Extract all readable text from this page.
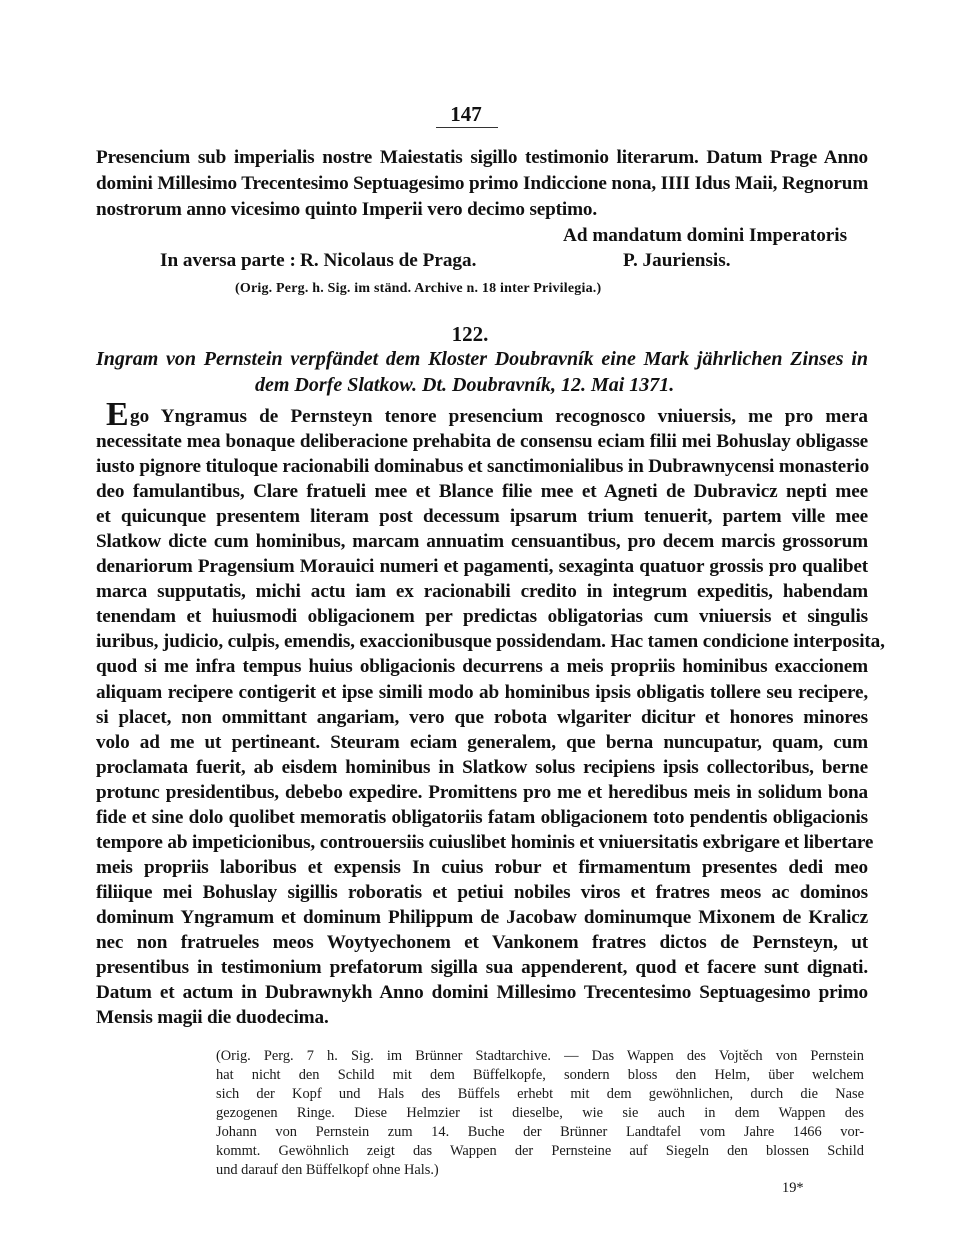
147
Presencium sub imperialis nostre Maiestatis sigillo testimonio literarum. Datum Prage Anno
domini Millesimo Trecentesimo Septuagesimo primo Indiccione nona, IIII Idus Maii, Regnorum
nostrorum anno vicesimo quinto Imperii vero decimo septimo.
Ad mandatum domini Imperatoris
In aversa parte : R. Nicolaus de Praga.	P. Jauriensis.
(Orig. Perg. h. Sig. im ständ. Archive n. 18 inter Privilegia.)
122.
Ingram von Pernstein verpfändet dem Kloster Doubravník eine Mark jährlichen Zinses in
dem Dorfe Slatkow. Dt. Doubravník, 12. Mai 1371.
E go Yngramus de Pernsteyn tenore presencium recognosco vniuersis, me pro mera
necessitate mea bonaque deliberacione prehabita de consensu eciam filii mei Bohuslay obligasse
iusto pignore tituloque racionabili dominabus et sanctimonialibus in Dubrawnycensi monasterio
deo famulantibus, Clare fratueli mee et Blance filie mee et Agneti de Dubravicz nepti mee
et quicunque presentem literam post decessum ipsarum trium tenuerit, partem ville mee
Slatkow dicte cum hominibus, marcam annuatim censuantibus, pro decem marcis grossorum
denariorum Pragensium Morauici numeri et pagamenti, sexaginta quatuor grossis pro qualibet
marca supputatis, michi actu iam ex racionabili credito in integrum expeditis, habendam
tenendam et huiusmodi obligacionem per predictas obligatorias cum vniuersis et singulis
iuribus, judicio, culpis, emendis, exaccionibusque possidendam. Hac tamen condicione interposita,
quod si me infra tempus huius obligacionis decurrens a meis propriis hominibus exaccionem
aliquam recipere contigerit et ipse simili modo ab hominibus ipsis obligatis tollere seu recipere,
si placet, non ommittant angariam, vero que robota wlgariter dicitur et honores minores
volo ad me ut pertineant. Steuram eciam generalem, que berna nuncupatur, quam, cum
proclamata fuerit, ab eisdem hominibus in Slatkow solus recipiens ipsis collectoribus, berne
protunc presidentibus, debebo expedire. Promittens pro me et heredibus meis in solidum bona
fide et sine dolo quolibet memoratis obligatoriis fatam obligacionem toto pendentis obligacionis
tempore ab impeticionibus, controuersiis cuiuslibet hominis et vniuersitatis exbrigare et libertare
meis propriis laboribus et expensis In cuius robur et firmamentum presentes dedi meo
filiique mei Bohuslay sigillis roboratis et petiui nobiles viros et fratres meos ac dominos
dominum Yngramum et dominum Philippum de Jacobaw dominumque Mixonem de Kralicz
nec non fratrueles meos Woytyechonem et Vankonem fratres dictos de Pernsteyn, ut
presentibus in testimonium prefatorum sigilla sua appenderent, quod et facere sunt dignati.
Datum et actum in Dubrawnykh Anno domini Millesimo Trecentesimo Septuagesimo primo
Mensis magii die duodecima.
(Orig. Perg. 7 h. Sig. im Brünner Stadtarchive. — Das Wappen des Vojtěch von Pernstein
hat nicht den Schild mit dem Büffelkopfe, sondern bloss den Helm, über welchem
sich der Kopf und Hals des Büffels erhebt mit dem gewöhnlichen, durch die Nase
gezogenen Ringe. Diese Helmzier ist dieselbe, wie sie auch in dem Wappen des
Johann von Pernstein zum 14. Buche der Brünner Landtafel vom Jahre 1466 vor-
kommt. Gewöhnlich zeigt das Wappen der Pernsteine auf Siegeln den blossen Schild
und darauf den Büffelkopf ohne Hals.)
19*
